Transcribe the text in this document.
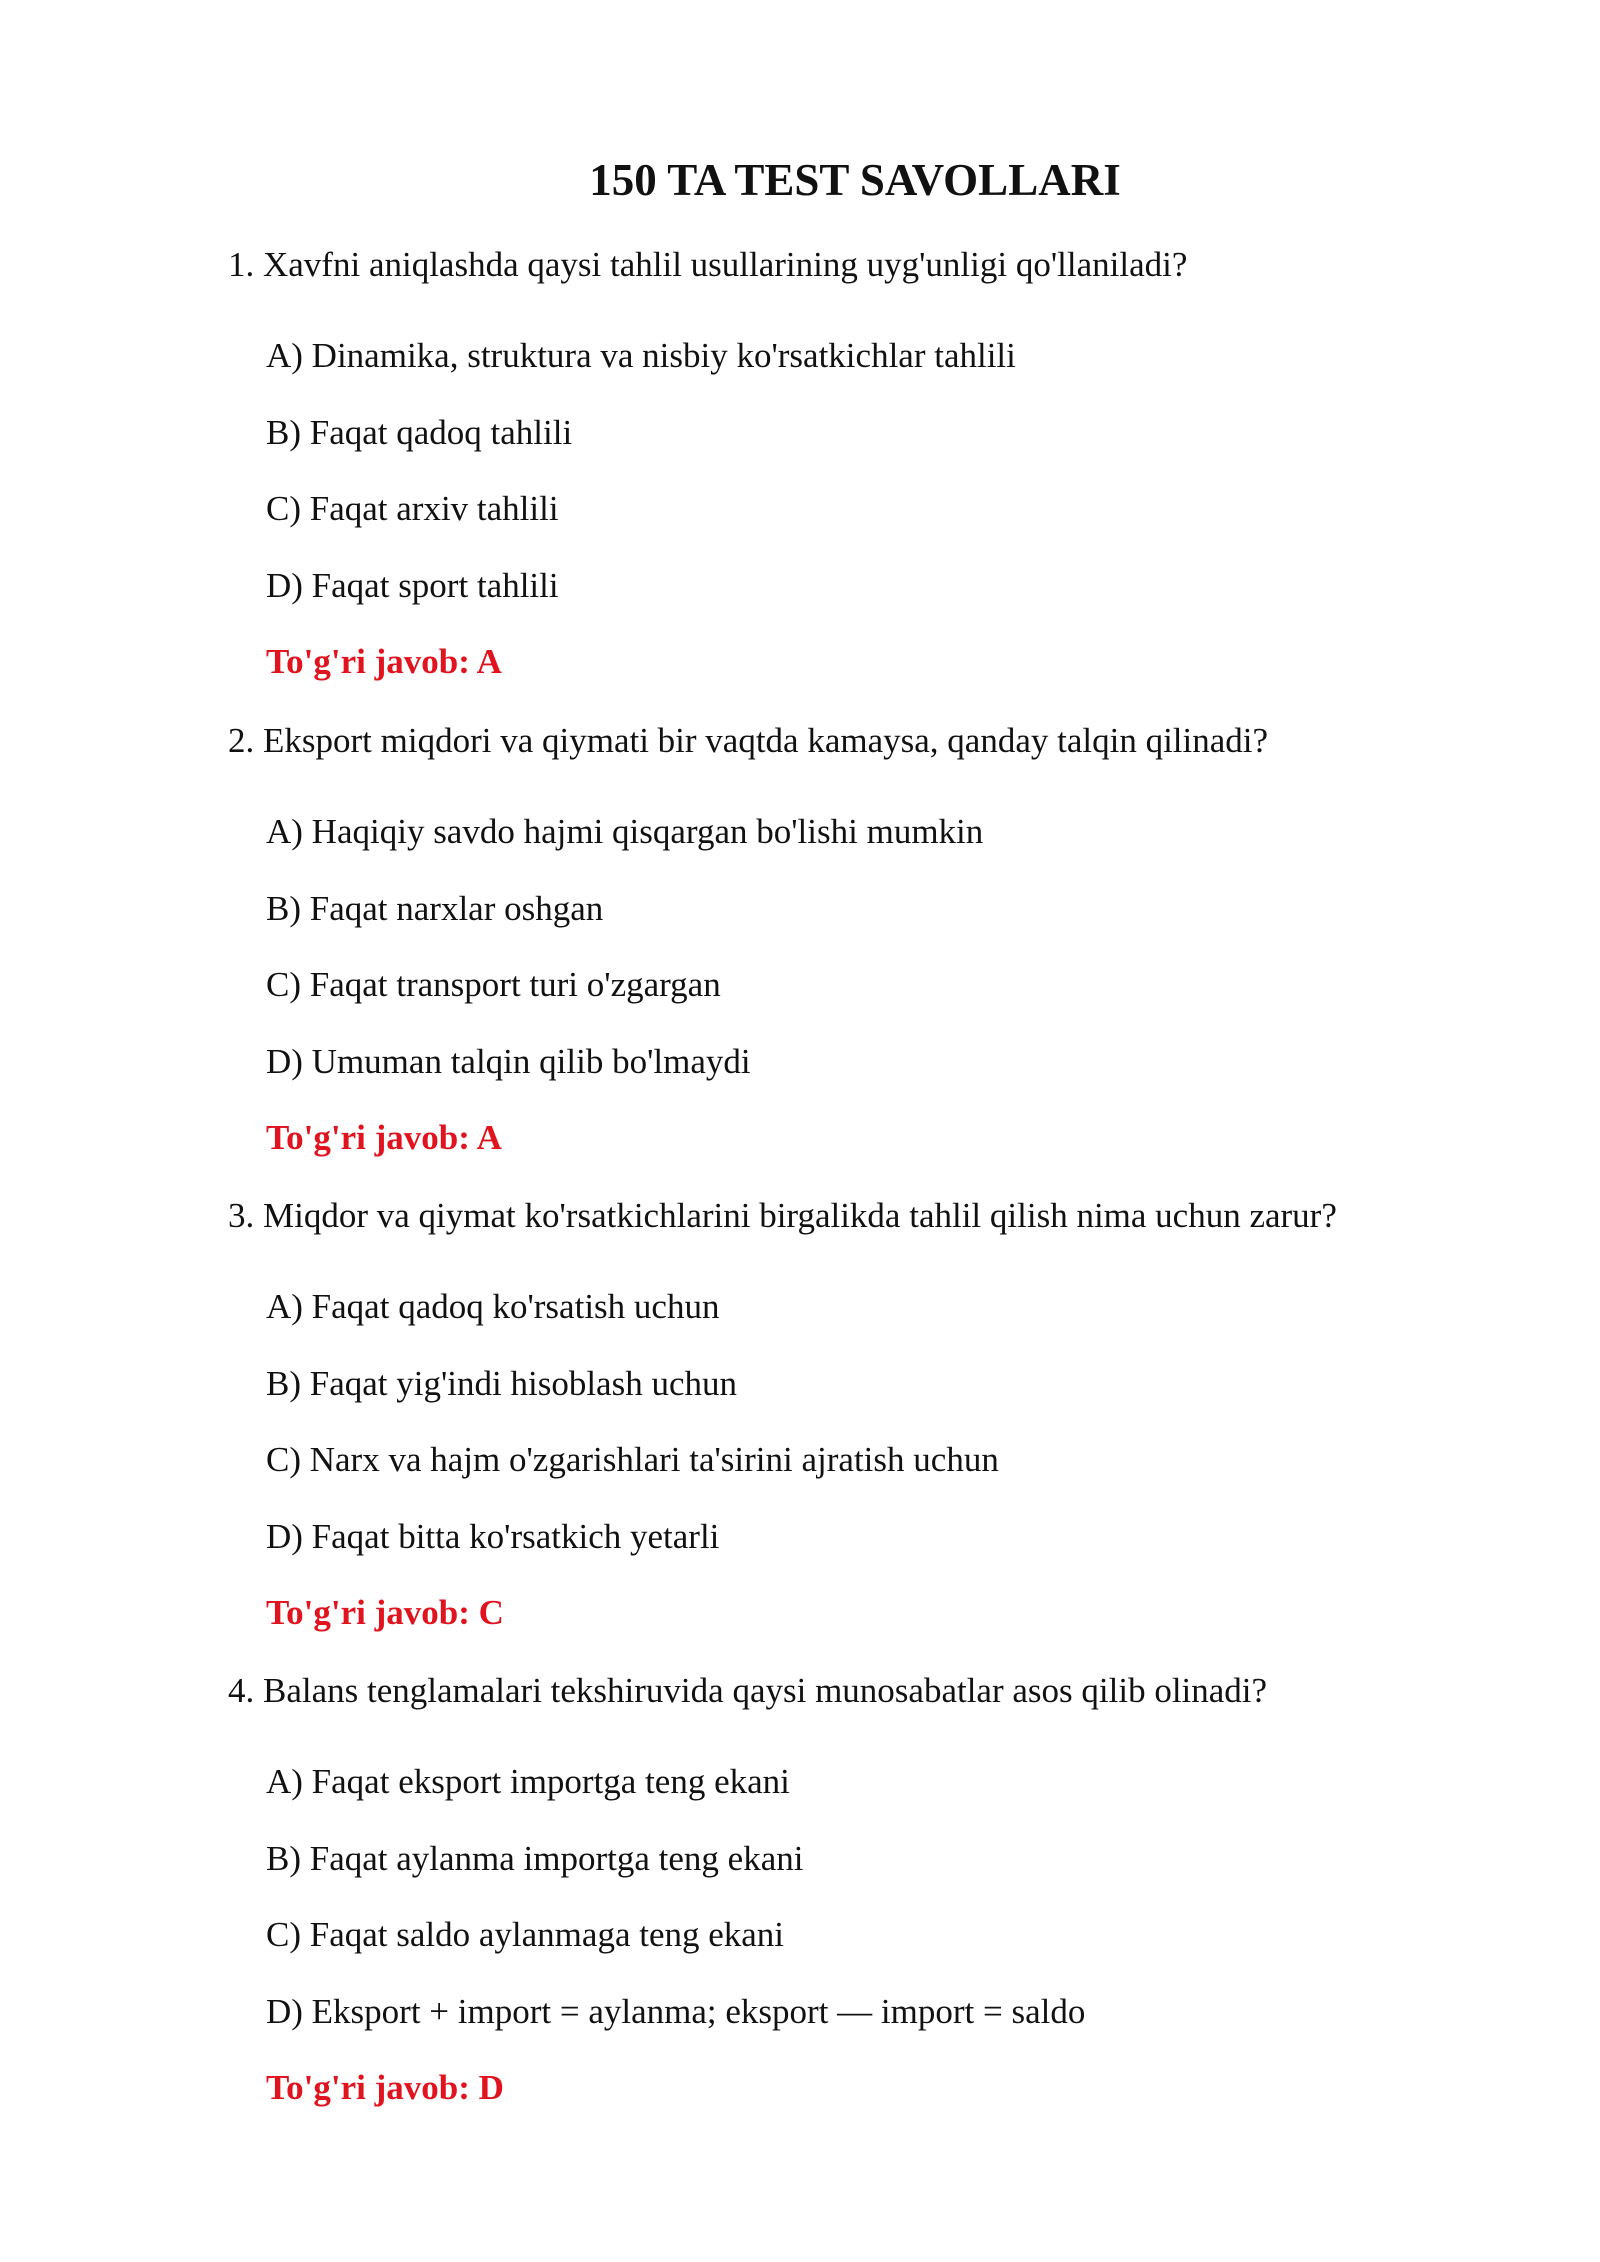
150 TA TEST SAVOLLARI

1. Xavfni aniqlashda qaysi tahlil usullarining uyg'unligi qo'llaniladi?

A) Dinamika, struktura va nisbiy ko'rsatkichlar tahlili
B) Faqat qadoq tahlili
C) Faqat arxiv tahlili
D) Faqat sport tahlili
To'g'ri javob: A

2. Eksport miqdori va qiymati bir vaqtda kamaysa, qanday talqin qilinadi?

A) Haqiqiy savdo hajmi qisqargan bo'lishi mumkin
B) Faqat narxlar oshgan
C) Faqat transport turi o'zgargan
D) Umuman talqin qilib bo'lmaydi
To'g'ri javob: A

3. Miqdor va qiymat ko'rsatkichlarini birgalikda tahlil qilish nima uchun zarur?

A) Faqat qadoq ko'rsatish uchun
B) Faqat yig'indi hisoblash uchun
C) Narx va hajm o'zgarishlari ta'sirini ajratish uchun
D) Faqat bitta ko'rsatkich yetarli
To'g'ri javob: C

4. Balans tenglamalari tekshiruvida qaysi munosabatlar asos qilib olinadi?

A) Faqat eksport importga teng ekani
B) Faqat aylanma importga teng ekani
C) Faqat saldo aylanmaga teng ekani
D) Eksport + import = aylanma; eksport — import = saldo
To'g'ri javob: D
